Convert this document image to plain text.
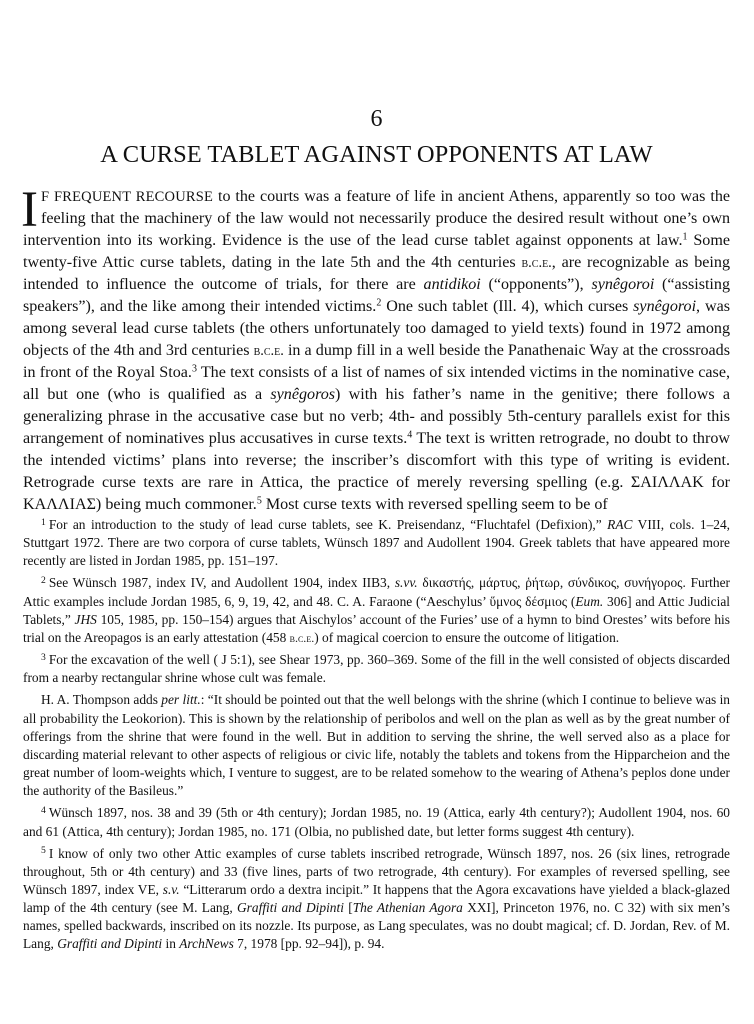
6
A CURSE TABLET AGAINST OPPONENTS AT LAW

I F FREQUENT RECOURSE to the courts was a feature of life in ancient Athens, apparently so too was the feeling that the machinery of the law would not necessarily produce the desired result without one’s own intervention into its working. Evidence is the use of the lead curse tablet against opponents at law.$^1$ Some twenty-five Attic curse tablets, dating in the late 5th and the 4th centuries b.c.e., are recognizable as being intended to influence the outcome of trials, for there are antidikoi (“opponents”), synêgoroi (“assisting speakers”), and the like among their intended victims.$^2$ One such tablet (Ill. 4), which curses synêgoroi, was among several lead curse tablets (the others unfortunately too damaged to yield texts) found in 1972 among objects of the 4th and 3rd centuries b.c.e. in a dump fill in a well beside the Panathenaic Way at the crossroads in front of the Royal Stoa.$^3$ The text consists of a list of names of six intended victims in the nominative case, all but one (who is qualified as a synêgoros) with his father’s name in the genitive; there follows a generalizing phrase in the accusative case but no verb; 4th- and possibly 5th-century parallels exist for this arrangement of nominatives plus accusatives in curse texts.$^4$ The text is written retrograde, no doubt to throw the intended victims’ plans into reverse; the inscriber’s discomfort with this type of writing is evident. Retrograde curse texts are rare in Attica, the practice of merely reversing spelling (e.g. ΣΑΙΛΛΑΚ for ΚΑΛΛΙΑΣ) being much commoner.$^5$ Most curse texts with reversed spelling seem to be of

$^1$ For an introduction to the study of lead curse tablets, see K. Preisendanz, “Fluchtafel (Defixion),” RAC VIII, cols. 1–24, Stuttgart 1972. There are two corpora of curse tablets, Wünsch 1897 and Audollent 1904. Greek tablets that have appeared more recently are listed in Jordan 1985, pp. 151–197.

$^2$ See Wünsch 1987, index IV, and Audollent 1904, index IIB3, s.vv. δικαστής, μάρτυς, ῥήτωρ, σύνδικος, συνήγορος. Further Attic examples include Jordan 1985, 6, 9, 19, 42, and 48. C. A. Faraone (“Aeschylus’ ὕμνος δέσμιος (Eum. 306] and Attic Judicial Tablets,” JHS 105, 1985, pp. 150–154) argues that Aischylos’ account of the Furies’ use of a hymn to bind Orestes’ wits before his trial on the Areopagos is an early attestation (458 b.c.e.) of magical coercion to ensure the outcome of litigation.

$^3$ For the excavation of the well ( J 5:1), see Shear 1973, pp. 360–369. Some of the fill in the well consisted of objects discarded from a nearby rectangular shrine whose cult was female.

H. A. Thompson adds per litt.: “It should be pointed out that the well belongs with the shrine (which I continue to believe was in all probability the Leokorion). This is shown by the relationship of peribolos and well on the plan as well as by the great number of offerings from the shrine that were found in the well. But in addition to serving the shrine, the well served also as a place for discarding material relevant to other aspects of religious or civic life, notably the tablets and tokens from the Hipparcheion and the great number of loom-weights which, I venture to suggest, are to be related somehow to the wearing of Athena’s peplos done under the authority of the Basileus.”

$^4$ Wünsch 1897, nos. 38 and 39 (5th or 4th century); Jordan 1985, no. 19 (Attica, early 4th century?); Audollent 1904, nos. 60 and 61 (Attica, 4th century); Jordan 1985, no. 171 (Olbia, no published date, but letter forms suggest 4th century).

$^5$ I know of only two other Attic examples of curse tablets inscribed retrograde, Wünsch 1897, nos. 26 (six lines, retrograde throughout, 5th or 4th century) and 33 (five lines, parts of two retrograde, 4th century). For examples of reversed spelling, see Wünsch 1897, index VE, s.v. “Litterarum ordo a dextra incipit.” It happens that the Agora excavations have yielded a black-glazed lamp of the 4th century (see M. Lang, Graffiti and Dipinti [The Athenian Agora XXI], Princeton 1976, no. C 32) with six men’s names, spelled backwards, inscribed on its nozzle. Its purpose, as Lang speculates, was no doubt magical; cf. D. Jordan, Rev. of M. Lang, Graffiti and Dipinti in ArchNews 7, 1978 [pp. 92–94]), p. 94.
